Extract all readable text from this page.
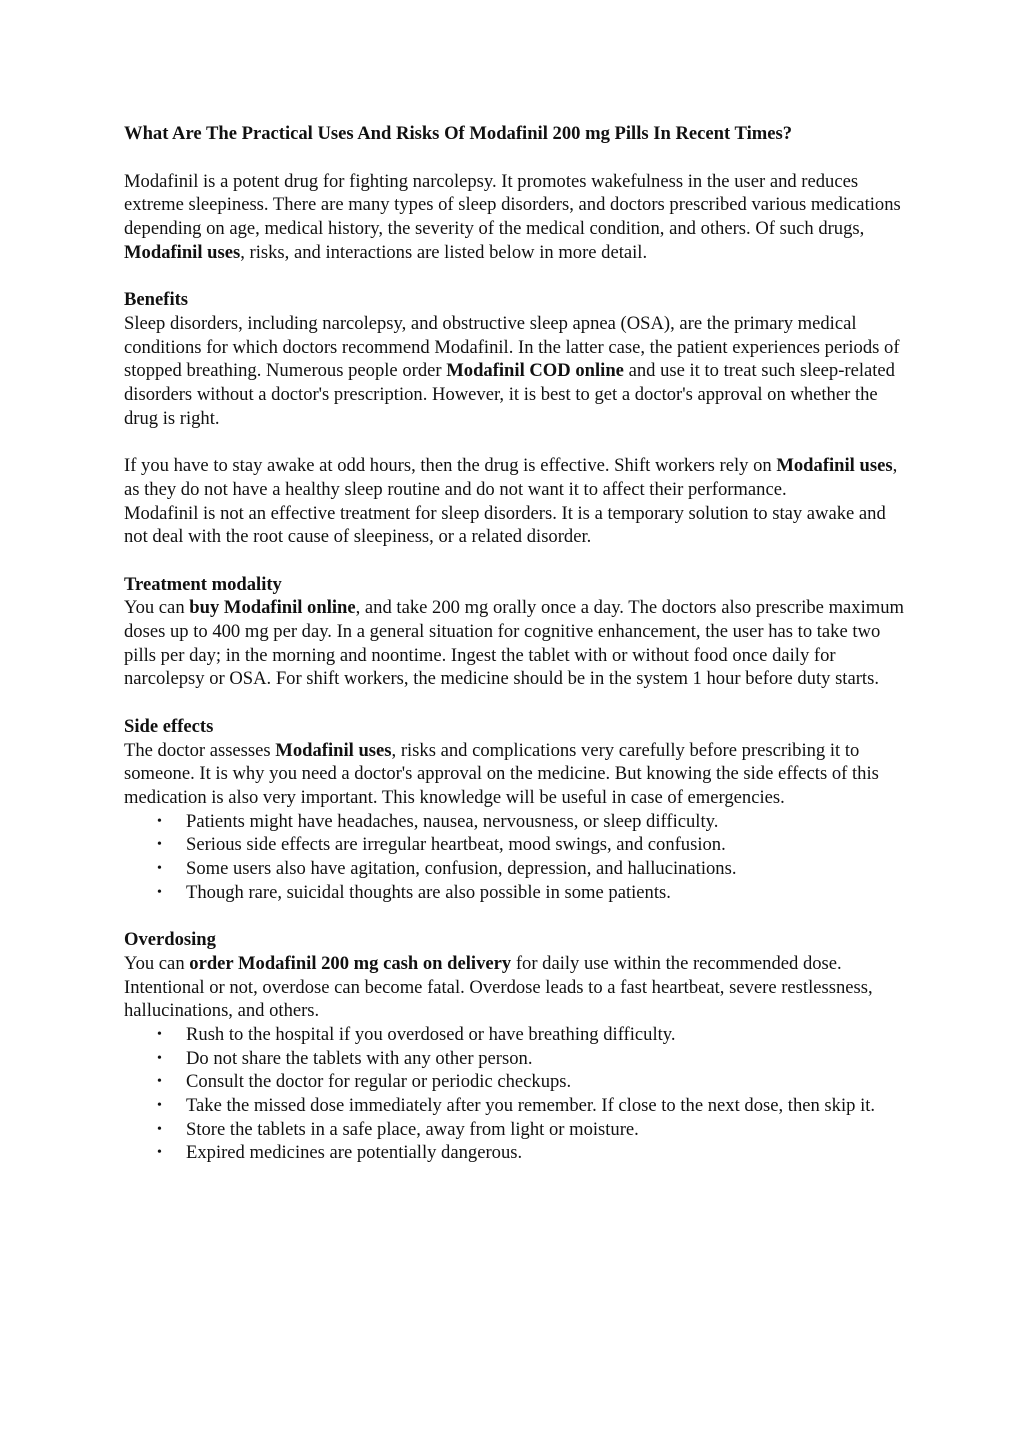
What Are The Practical Uses And Risks Of Modafinil 200 mg Pills In Recent Times?

Modafinil is a potent drug for fighting narcolepsy. It promotes wakefulness in the user and reduces extreme sleepiness. There are many types of sleep disorders, and doctors prescribed various medications depending on age, medical history, the severity of the medical condition, and others. Of such drugs, Modafinil uses, risks, and interactions are listed below in more detail.

Benefits

Sleep disorders, including narcolepsy, and obstructive sleep apnea (OSA), are the primary medical conditions for which doctors recommend Modafinil. In the latter case, the patient experiences periods of stopped breathing. Numerous people order Modafinil COD online and use it to treat such sleep-related disorders without a doctor's prescription. However, it is best to get a doctor's approval on whether the drug is right.

If you have to stay awake at odd hours, then the drug is effective. Shift workers rely on Modafinil uses, as they do not have a healthy sleep routine and do not want it to affect their performance.

Modafinil is not an effective treatment for sleep disorders. It is a temporary solution to stay awake and not deal with the root cause of sleepiness, or a related disorder.

Treatment modality

You can buy Modafinil online, and take 200 mg orally once a day. The doctors also prescribe maximum doses up to 400 mg per day. In a general situation for cognitive enhancement, the user has to take two pills per day; in the morning and noontime. Ingest the tablet with or without food once daily for narcolepsy or OSA. For shift workers, the medicine should be in the system 1 hour before duty starts.

Side effects

The doctor assesses Modafinil uses, risks and complications very carefully before prescribing it to someone. It is why you need a doctor's approval on the medicine. But knowing the side effects of this medication is also very important. This knowledge will be useful in case of emergencies.

• Patients might have headaches, nausea, nervousness, or sleep difficulty.
• Serious side effects are irregular heartbeat, mood swings, and confusion.
• Some users also have agitation, confusion, depression, and hallucinations.
• Though rare, suicidal thoughts are also possible in some patients.
Overdosing

You can order Modafinil 200 mg cash on delivery for daily use within the recommended dose. Intentional or not, overdose can become fatal. Overdose leads to a fast heartbeat, severe restlessness, hallucinations, and others.

• Rush to the hospital if you overdosed or have breathing difficulty.
• Do not share the tablets with any other person.
• Consult the doctor for regular or periodic checkups.
• Take the missed dose immediately after you remember. If close to the next dose, then skip it.
• Store the tablets in a safe place, away from light or moisture.
• Expired medicines are potentially dangerous.
